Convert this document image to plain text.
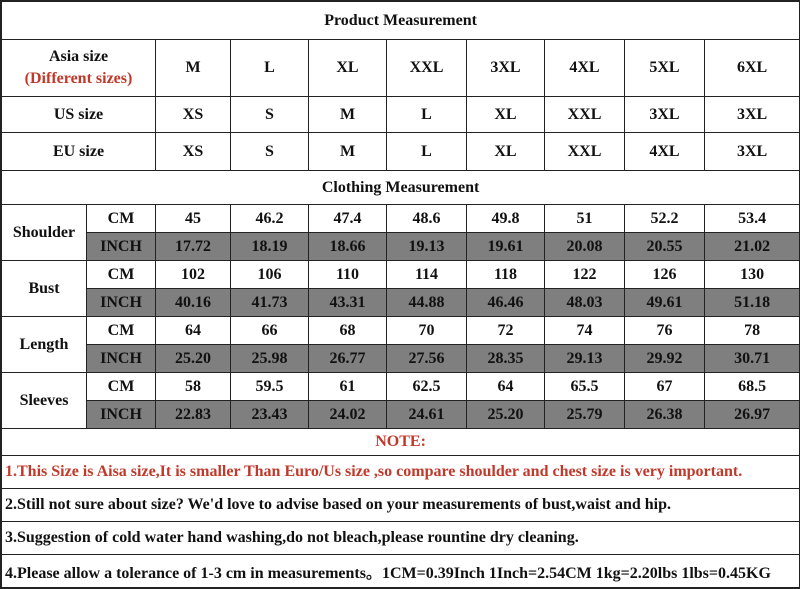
Product Measurement									

Asia size
(Different sizes)		M	L	XL	XXL	3XL	4XL	5XL	6XL
US size		XS	S	M	L	XL	XXL	3XL	3XL
EU size		XS	S	M	L	XL	XXL	4XL	3XL
Clothing Measurement									
Shoulder	CM	45	46.2	47.4	48.6	49.8	51	52.2	53.4
	INCH	17.72	18.19	18.66	19.13	19.61	20.08	20.55	21.02
Bust	CM	102	106	110	114	118	122	126	130
	INCH	40.16	41.73	43.31	44.88	46.46	48.03	49.61	51.18
Length	CM	64	66	68	70	72	74	76	78
	INCH	25.20	25.98	26.77	27.56	28.35	29.13	29.92	30.71
Sleeves	CM	58	59.5	61	62.5	64	65.5	67	68.5
	INCH	22.83	23.43	24.02	24.61	25.20	25.79	26.38	26.97
NOTE:									
1.This Size is Aisa size,It is smaller Than Euro/Us size ,so compare shoulder and chest size is very important.									
2.Still not sure about size? We'd love to advise based on your measurements of bust,waist and hip.									
3.Suggestion of cold water hand washing,do not bleach,please rountine dry cleaning.									
4.Please allow a tolerance of 1-3 cm in measurements。1CM=0.39Inch 1Inch=2.54CM 1kg=2.20lbs 1lbs=0.45KG									
